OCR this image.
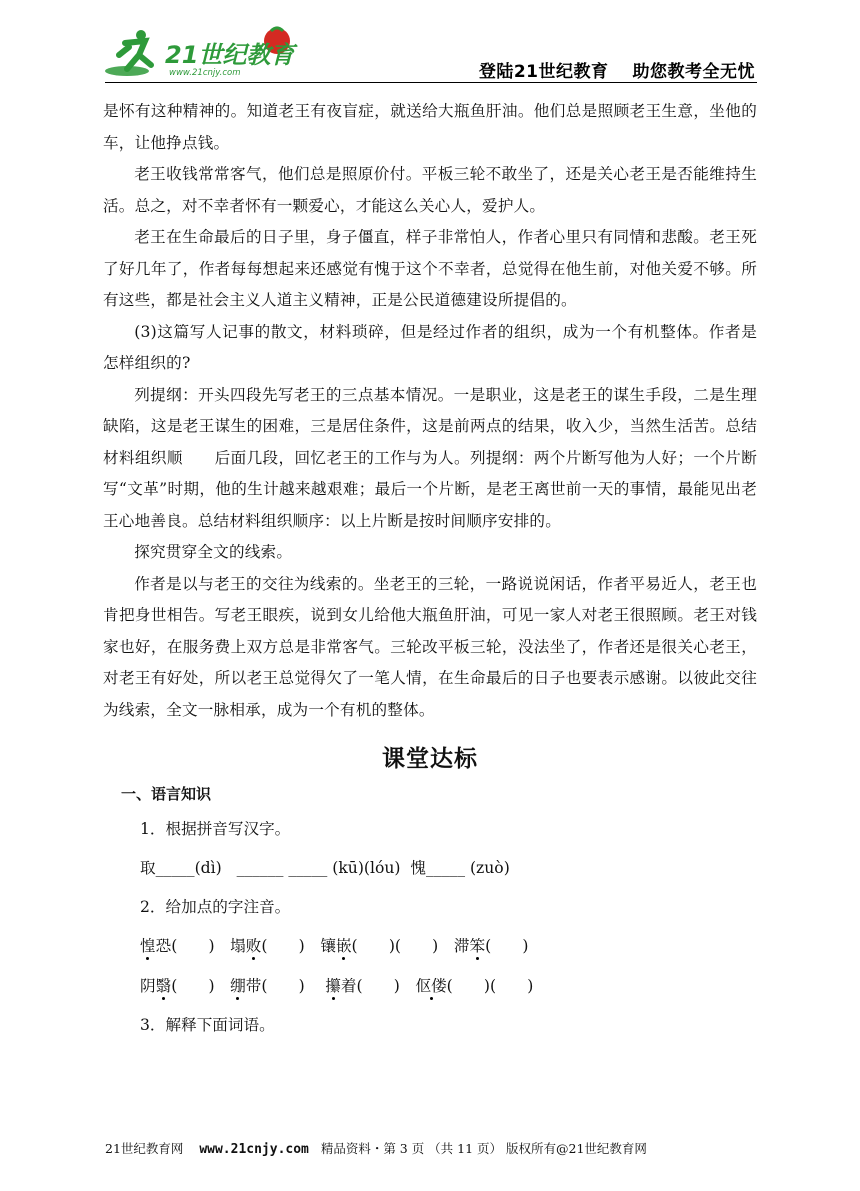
21世纪教育
www.21cnjy.com	登陆21世纪教育 助您教考全无忧

是怀有这种精神的。知道老王有夜盲症，就送给大瓶鱼肝油。他们总是照顾老王生意，坐他的车，让他挣点钱。

老王收钱常常客气，他们总是照原价付。平板三轮不敢坐了，还是关心老王是否能维持生活。总之，对不幸者怀有一颗爱心，才能这么关心人，爱护人。

老王在生命最后的日子里，身子僵直，样子非常怕人，作者心里只有同情和悲酸。老王死了好几年了，作者每每想起来还感觉有愧于这个不幸者，总觉得在他生前，对他关爱不够。所有这些，都是社会主义人道主义精神，正是公民道德建设所提倡的。

(3)这篇写人记事的散文，材料琐碎，但是经过作者的组织，成为一个有机整体。作者是怎样组织的?

列提纲：开头四段先写老王的三点基本情况。一是职业，这是老王的谋生手段，二是生理缺陷，这是老王谋生的困难，三是居住条件，这是前两点的结果，收入少，当然生活苦。总结材料组织顺　　后面几段，回忆老王的工作与为人。列提纲：两个片断写他为人好；一个片断写“文革”时期，他的生计越来越艰难；最后一个片断，是老王离世前一天的事情，最能见出老王心地善良。总结材料组织顺序：以上片断是按时间顺序安排的。

探究贯穿全文的线索。

作者是以与老王的交往为线索的。坐老王的三轮，一路说说闲话，作者平易近人，老王也肯把身世相告。写老王眼疾，说到女儿给他大瓶鱼肝油，可见一家人对老王很照顾。老王对钱家也好，在服务费上双方总是非常客气。三轮改平板三轮，没法坐了，作者还是很关心老王，对老王有好处，所以老王总觉得欠了一笔人情，在生命最后的日子也要表示感谢。以彼此交往为线索，全文一脉相承，成为一个有机的整体。

课堂达标
一、语言知识
1．根据拼音写汉字。
取_____(dì)   ______ _____ (kū)(lóu)  愧_____ (zuò)
2．给加点的字注音。
惶恐(　　)　塌败(　　)　镶嵌(　　)(　　)　滞笨(　　)
阴翳(　　)　绷带(　　)　 攥着(　　)　伛偻(　　)(　　)
3．解释下面词语。
21世纪教育网 www.21cnjy.com 精品资料・第 3 页 （共 11 页） 版权所有@21世纪教育网
